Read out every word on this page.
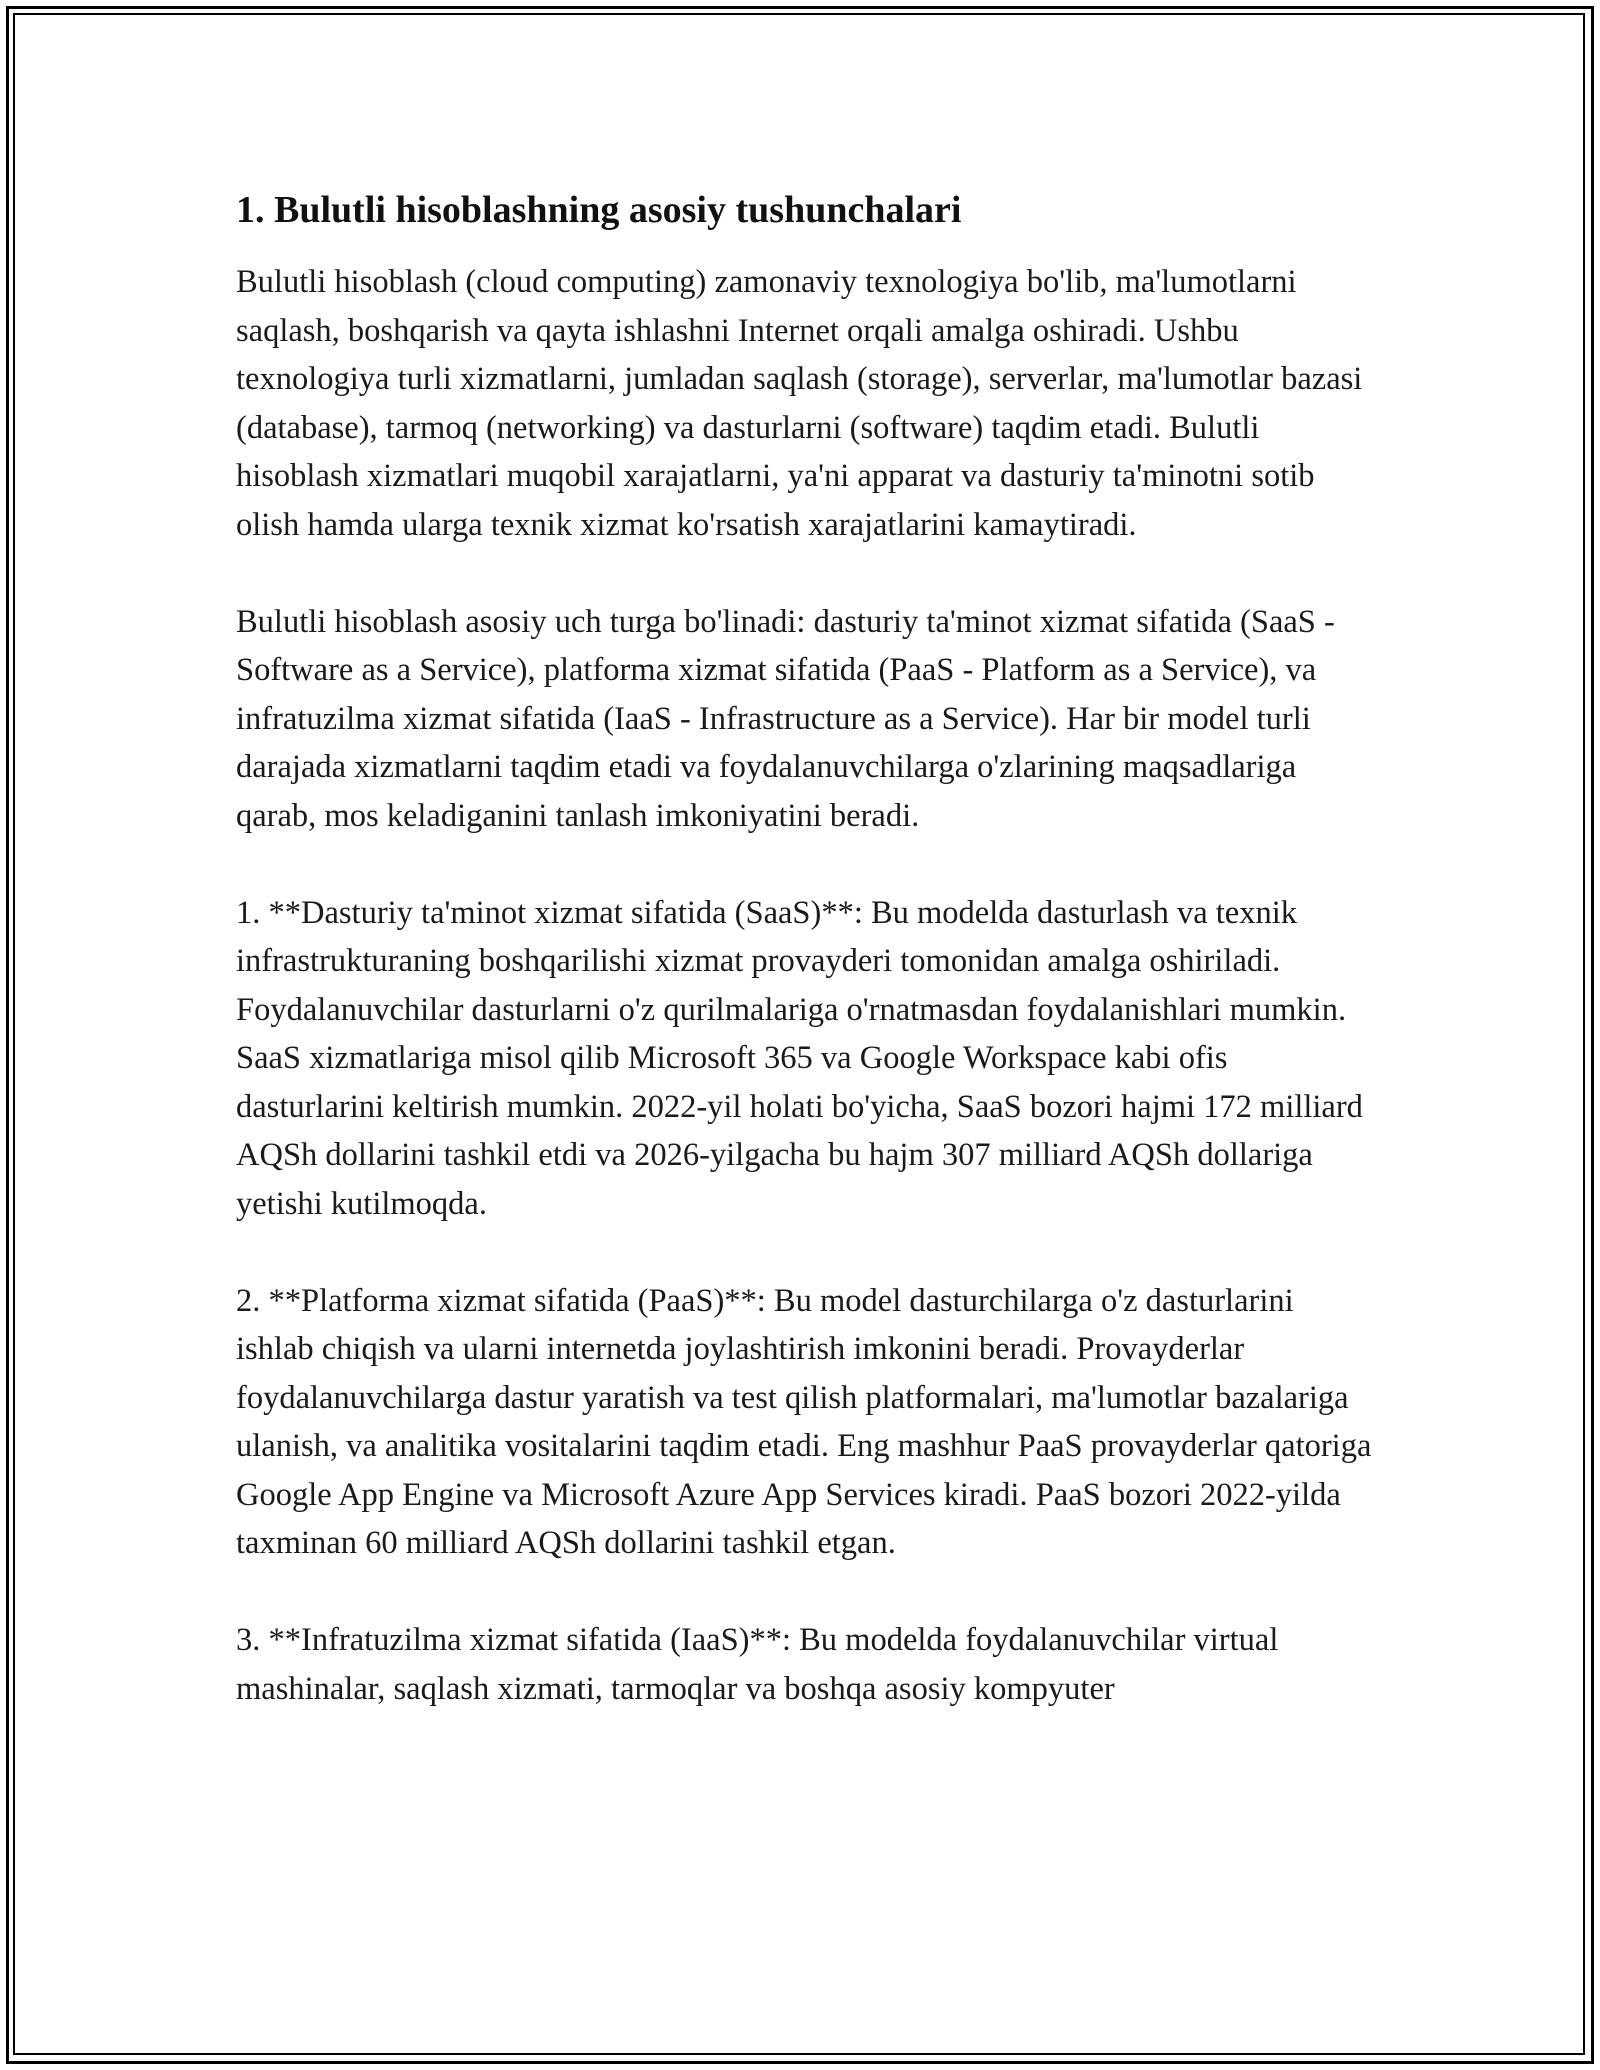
1. Bulutli hisoblashning asosiy tushunchalari

Bulutli hisoblash (cloud computing) zamonaviy texnologiya bo'lib, ma'lumotlarni saqlash, boshqarish va qayta ishlashni Internet orqali amalga oshiradi. Ushbu texnologiya turli xizmatlarni, jumladan saqlash (storage), serverlar, ma'lumotlar bazasi (database), tarmoq (networking) va dasturlarni (software) taqdim etadi. Bulutli hisoblash xizmatlari muqobil xarajatlarni, ya'ni apparat va dasturiy ta'minotni sotib olish hamda ularga texnik xizmat ko'rsatish xarajatlarini kamaytiradi.

Bulutli hisoblash asosiy uch turga bo'linadi: dasturiy ta'minot xizmat sifatida (SaaS - Software as a Service), platforma xizmat sifatida (PaaS - Platform as a Service), va infratuzilma xizmat sifatida (IaaS - Infrastructure as a Service). Har bir model turli darajada xizmatlarni taqdim etadi va foydalanuvchilarga o'zlarining maqsadlariga qarab, mos keladiganini tanlash imkoniyatini beradi.

1. **Dasturiy ta'minot xizmat sifatida (SaaS)**: Bu modelda dasturlash va texnik infrastrukturaning boshqarilishi xizmat provayderi tomonidan amalga oshiriladi. Foydalanuvchilar dasturlarni o'z qurilmalariga o'rnatmasdan foydalanishlari mumkin. SaaS xizmatlariga misol qilib Microsoft 365 va Google Workspace kabi ofis dasturlarini keltirish mumkin. 2022-yil holati bo'yicha, SaaS bozori hajmi 172 milliard AQSh dollarini tashkil etdi va 2026-yilgacha bu hajm 307 milliard AQSh dollariga yetishi kutilmoqda.

2. **Platforma xizmat sifatida (PaaS)**: Bu model dasturchilarga o'z dasturlarini ishlab chiqish va ularni internetda joylashtirish imkonini beradi. Provayderlar foydalanuvchilarga dastur yaratish va test qilish platformalari, ma'lumotlar bazalariga ulanish, va analitika vositalarini taqdim etadi. Eng mashhur PaaS provayderlar qatoriga Google App Engine va Microsoft Azure App Services kiradi. PaaS bozori 2022-yilda taxminan 60 milliard AQSh dollarini tashkil etgan.

3. **Infratuzilma xizmat sifatida (IaaS)**: Bu modelda foydalanuvchilar virtual mashinalar, saqlash xizmati, tarmoqlar va boshqa asosiy kompyuter
